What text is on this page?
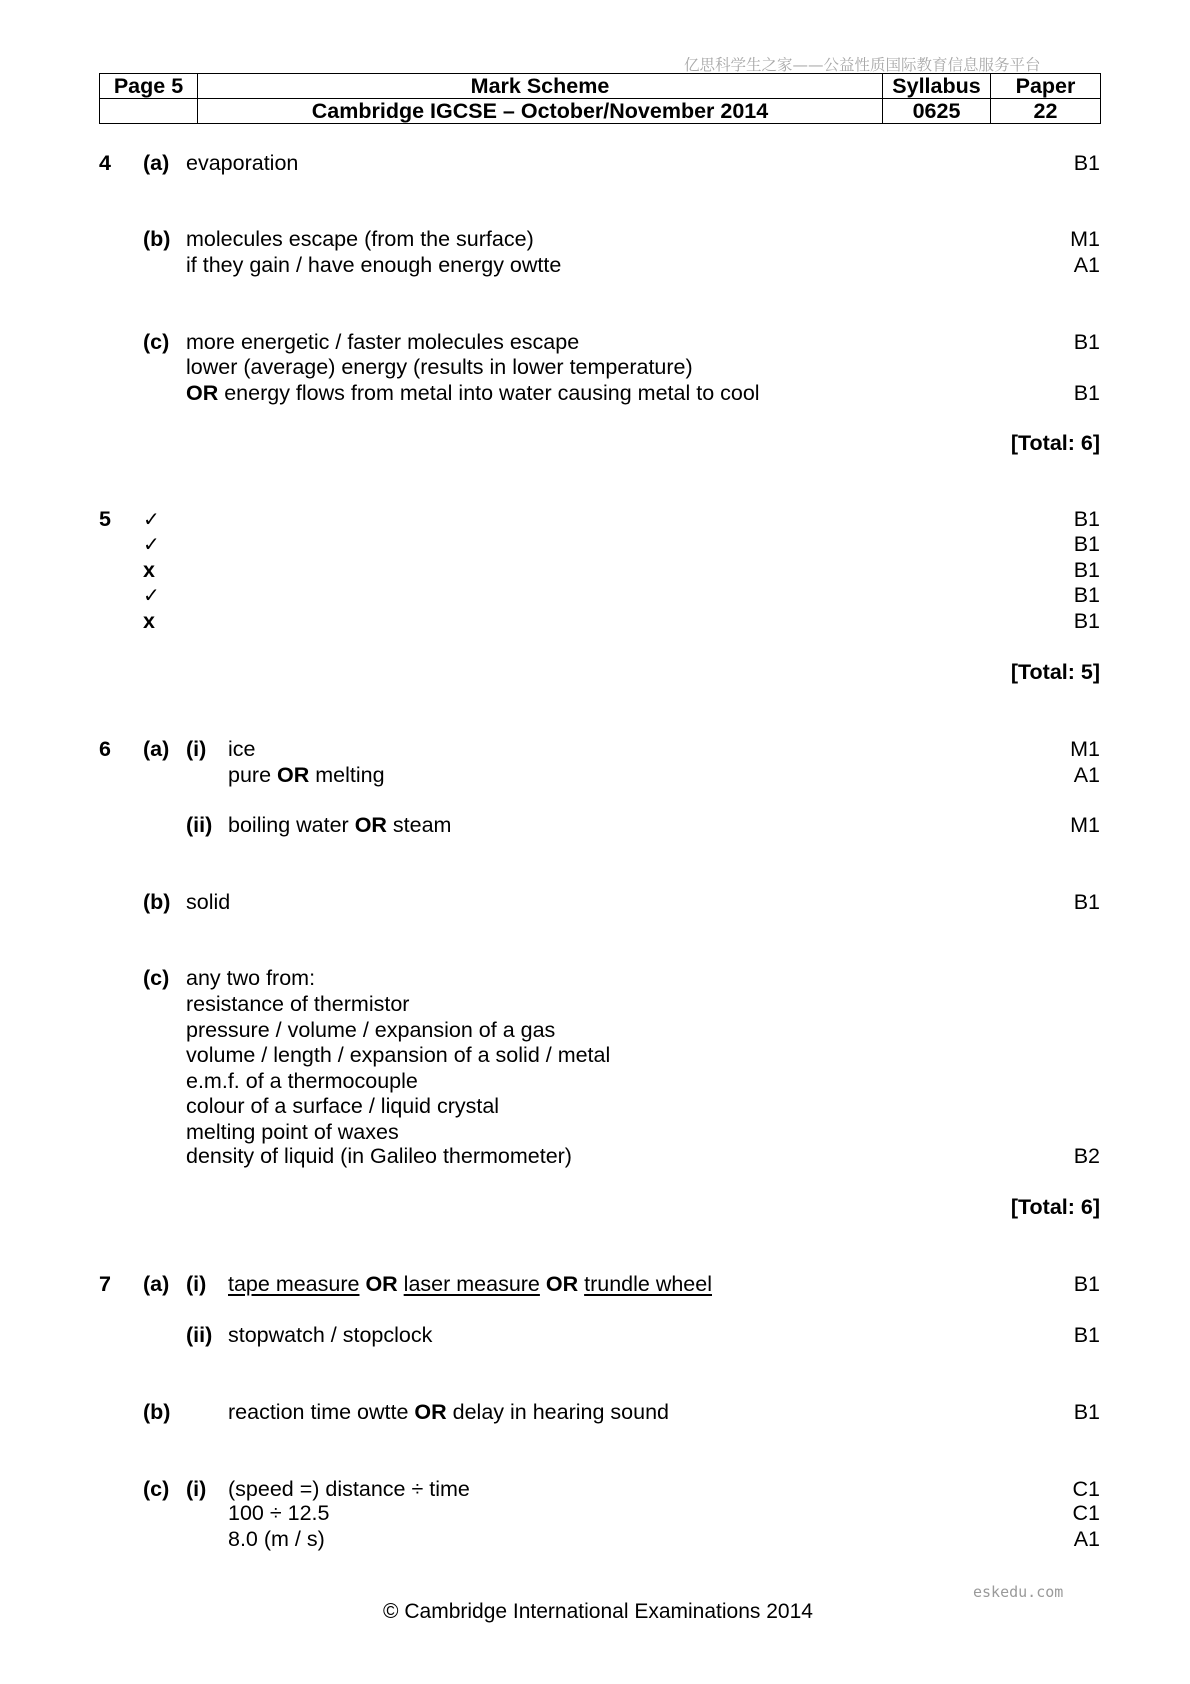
亿思科学生之家——公益性质国际教育信息服务平台
Page 5	Mark Scheme	Syllabus	Paper
	Cambridge IGCSE – October/November 2014	0625	22
4 (a) evaporation	B1
(b) molecules escape (from the surface)	M1
if they gain / have enough energy owtte	A1
(c) more energetic / faster molecules escape	B1
lower (average) energy (results in lower temperature)
OR energy flows from metal into water causing metal to cool	B1
[Total: 6]
5 ✓	B1
✓	B1
x	B1
✓	B1
x	B1
[Total: 5]
6 (a) (i) ice	M1
pure OR melting	A1
(ii) boiling water OR steam	M1
(b) solid	B1
(c) any two from:
resistance of thermistor
pressure / volume / expansion of a gas
volume / length / expansion of a solid / metal
e.m.f. of a thermocouple
colour of a surface / liquid crystal
melting point of waxes
density of liquid (in Galileo thermometer)	B2
[Total: 6]
7 (a) (i) tape measure OR laser measure OR trundle wheel	B1
(ii) stopwatch / stopclock	B1
(b)	reaction time owtte OR delay in hearing sound	B1
(c) (i) (speed =) distance ÷ time	C1
100 ÷ 12.5	C1
8.0 (m / s)	A1
eskedu.com
© Cambridge International Examinations 2014
